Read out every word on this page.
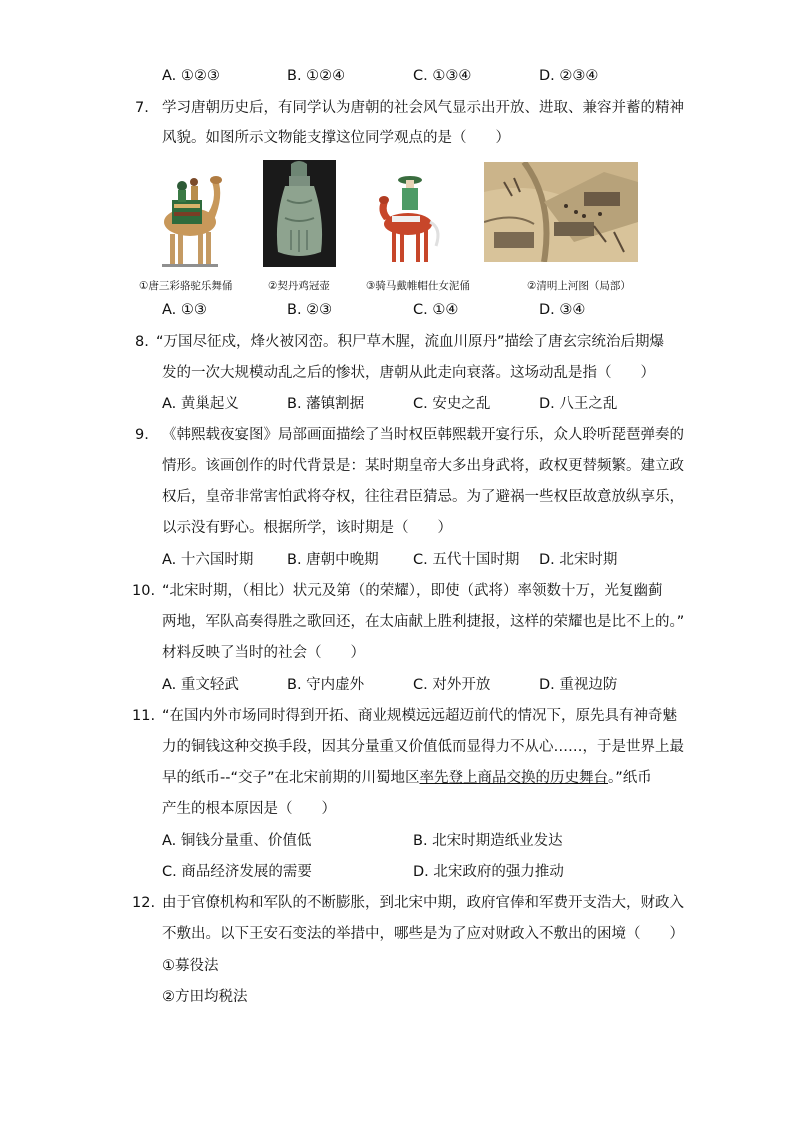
A. ①②③	B. ①②④	C. ①③④	D. ②③④
7. 学习唐朝历史后，有同学认为唐朝的社会风气显示出开放、进取、兼容并蓄的精神
风貌。如图所示文物能支撑这位同学观点的是（　　）
①唐三彩骆驼乐舞俑	②契丹鸡冠壶	③骑马戴帷帽仕女泥俑	②清明上河图（局部）
A. ①③	B. ②③	C. ①④	D. ③④
8. “万国尽征戍，烽火被冈峦。积尸草木腥，流血川原丹”描绘了唐玄宗统治后期爆
发的一次大规模动乱之后的惨状，唐朝从此走向衰落。这场动乱是指（　　）
A. 黄巢起义	B. 藩镇割据	C. 安史之乱	D. 八王之乱
9. 《韩熙载夜宴图》局部画面描绘了当时权臣韩熙载开宴行乐，众人聆听琵琶弹奏的
情形。该画创作的时代背景是：某时期皇帝大多出身武将，政权更替频繁。建立政
权后，皇帝非常害怕武将夺权，往往君臣猜忌。为了避祸一些权臣故意放纵享乐，
以示没有野心。根据所学，该时期是（　　）
A. 十六国时期 B. 唐朝中晚期 C. 五代十国时期 D. 北宋时期
10. “北宋时期，（相比）状元及第（的荣耀），即使（武将）率领数十万，光复幽蓟
两地，军队高奏得胜之歌回还，在太庙献上胜利捷报，这样的荣耀也是比不上的。”
材料反映了当时的社会（　　）
A. 重文轻武	B. 守内虚外	C. 对外开放	D. 重视边防
11. “在国内外市场同时得到开拓、商业规模远远超迈前代的情况下，原先具有神奇魅
力的铜钱这种交换手段，因其分量重又价值低而显得力不从心……，于是世界上最
早的纸币--“交子”在北宋前期的川蜀地区率先登上商品交换的历史舞台。”纸币
产生的根本原因是（　　）
A. 铜钱分量重、价值低	B. 北宋时期造纸业发达
C. 商品经济发展的需要	D. 北宋政府的强力推动
12. 由于官僚机构和军队的不断膨胀，到北宋中期，政府官俸和军费开支浩大，财政入
不敷出。以下王安石变法的举措中，哪些是为了应对财政入不敷出的困境（　　）
①募役法
②方田均税法
